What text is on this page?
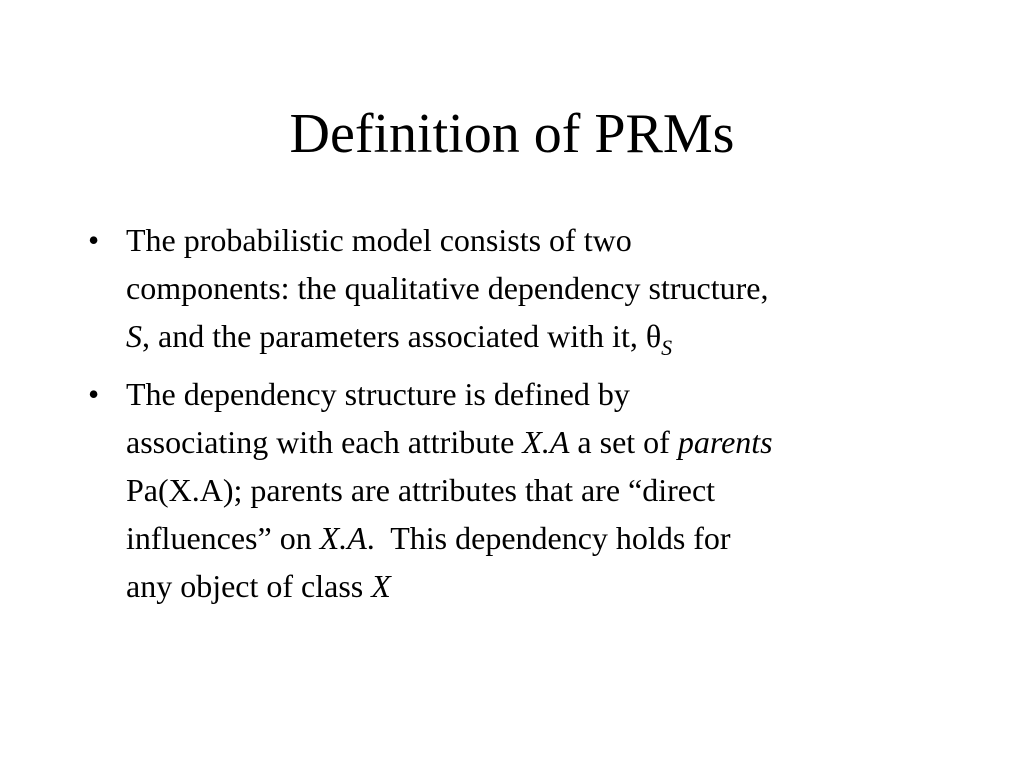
Definition of PRMs
• The probabilistic model consists of two
components: the qualitative dependency structure,
S, and the parameters associated with it, $\theta_S$
• The dependency structure is defined by
associating with each attribute X.A a set of parents
Pa(X.A); parents are attributes that are “direct
influences” on X.A.  This dependency holds for
any object of class X
